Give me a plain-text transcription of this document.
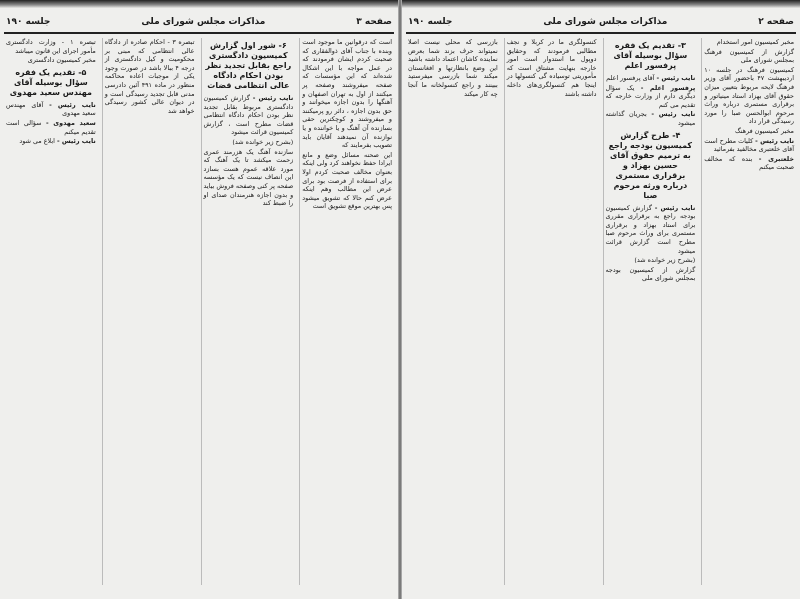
صفحه ۳
مذاکرات مجلس شورای ملی
جلسه ۱۹۰

است که درقوانین ما موجود است وبنده با جناب آقای ذوالفقاری که صحبت کردم ایشان فرمودند که در عمل مواجه با این اشکال شده‌اند که این مؤسسات که صفحه میفروشند وصفحه پر میکنند از اول به تهران اصفهان و آهنگها را بدون اجازه میخوانند و حق بدون اجازه ، دائر رو پرمیکنند و میفروشند و کوچکترین حقی بسازنده آن آهنگ و یا خواننده و یا نوازنده آن نمیدهند آقایان باید تصویب بفرمایند که

این صحنه مسائل وضع و مانع ایرادا حفظ نخواهند کرد ولی اینکه بعنوان مخالف صحبت کردم اولا برای استفاده از فرصت بود برای عرض این مطالب وهم اینکه عرض کنم حالا که تشویق میشود پس بهترین موقع تشویق است

۶- شور اول گزارش کمیسیون دادگستری راجع بقابل تجدید نظر بودن احکام دادگاه عالی انتظامی قضات

نایب رئیس - گزارش کمیسیون دادگستری مربوط بقابل تجدید نظر بودن احکام دادگاه انتظامی قضات مطرح است ، گزارش کمیسیون قرائت میشود

(بشرح زیر خوانده شد)

سازنده آهنگ یک هزرمند عمری زحمت میکشد تا یک آهنگ که مورد علاقه عموم هست بسازد این انصاف نیست که یک مؤسسه صفحه پر کنی وصفحه فروش بیاید و بدون اجازه هنرمندان صدای او را ضبط کند

تبصره ۳ - احکام صادره از دادگاه عالی انتظامی که مبنی بر محکومیت و کیل دادگستری از درجه ۴ ببالا باشد در صورت وجود یکی از موجبات اعاده محاکمه منظور در ماده ۴۹۱ آئین دادرسی مدنی قابل تجدید رسیدگی است و در دیوان عالی کشور رسیدگی خواهد شد

تبصره ۱ - وزارت دادگستری مأمور اجرای این قانون میباشد

مخبر کمیسیون دادگستری

۵- تقدیم یک فقره سؤال بوسیله آقای مهندس سعید مهدوی

نایب رئیس - آقای مهندس سعید مهدوی

سعید مهدوی - سؤالی است تقدیم میکنم

نایب رئیس - ابلاغ می شود

صفحه ۲
مذاکرات مجلس شورای ملی
جلسه ۱۹۰

مخبر کمیسیون امور استخدام

گزارش از کمیسیون فرهنگ بمجلس شورای ملی

کمیسیون فرهنگ در جلسه ۱۰ اردیبهشت ۴۷ باحضور آقای وزیر فرهنگ لایحه مربوط بتعیین میزان حقوق آقای بهزاد استاد مینیاتور و برقراری مستمری درباره وراث مرحوم ابوالحسن صبا را مورد رسیدگی قرار داد

مخبر کمیسیون فرهنگ

نایب رئیس - کلیات مطرح است آقای خلعتبری مخالفید بفرمائید

خلعتبری - بنده که مخالف صحبت میکنم

۳- تقدیم یک فقره سؤال بوسیله آقای پرفسور اعلم

نایب رئیس - آقای پرفسور اعلم

پرفسور اعلم - یک سؤال دیگری دارم از وزارت خارجه که تقدیم می کنم

نایب رئیس - بجریان گذاشته میشود

۴- طرح گزارش کمیسیون بودجه راجع به ترمیم حقوق آقای حسین بهزاد و برقراری مستمری درباره ورثه مرحوم صبا

نایب رئیس - گزارش کمیسیون بودجه راجع به برقراری مقرری برای استاد بهزاد و برقراری مستمری برای وراث مرحوم صبا مطرح است گزارش قرائت میشود

(بشرح زیر خوانده شد)

گزارش از کمیسیون بودجه بمجلس شورای ملی

کنسولگری ما در کربلا و نجف مطالبی فرمودند که وحقایق دوپول ما استدوار است امور خارجه بنهایت مشتاق است که مأموریتی توسیاده گی کنسولها در اینجا هم کنسولگری‌های داخله داشته باشند

بازرسی که محلی نیست اصلا نمیتواند حرف بزند شما بعرض نماینده کاشان اعتماد داشته باشید این وضع بانظارتها و افغانستان میکند شما بازرسی میفرستید ببینند و راجع کنسولخانه ما آنجا چه کار میکند
